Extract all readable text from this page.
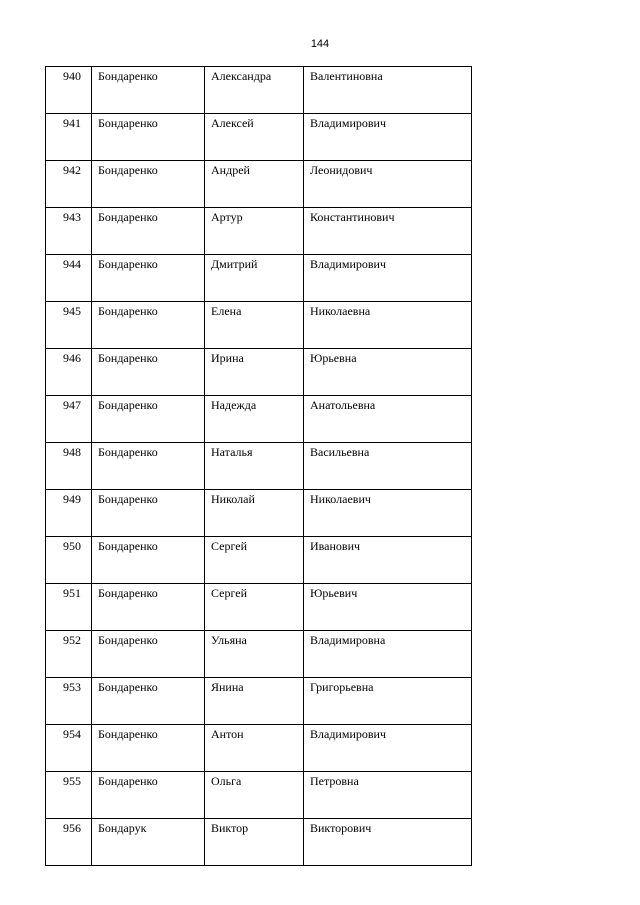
144
940	Бондаренко	Александра	Валентиновна
941	Бондаренко	Алексей	Владимирович
942	Бондаренко	Андрей	Леонидович
943	Бондаренко	Артур	Константинович
944	Бондаренко	Дмитрий	Владимирович
945	Бондаренко	Елена	Николаевна
946	Бондаренко	Ирина	Юрьевна
947	Бондаренко	Надежда	Анатольевна
948	Бондаренко	Наталья	Васильевна
949	Бондаренко	Николай	Николаевич
950	Бондаренко	Сергей	Иванович
951	Бондаренко	Сергей	Юрьевич
952	Бондаренко	Ульяна	Владимировна
953	Бондаренко	Янина	Григорьевна
954	Бондаренко	Антон	Владимирович
955	Бондаренко	Ольга	Петровна
956	Бондарук	Виктор	Викторович
